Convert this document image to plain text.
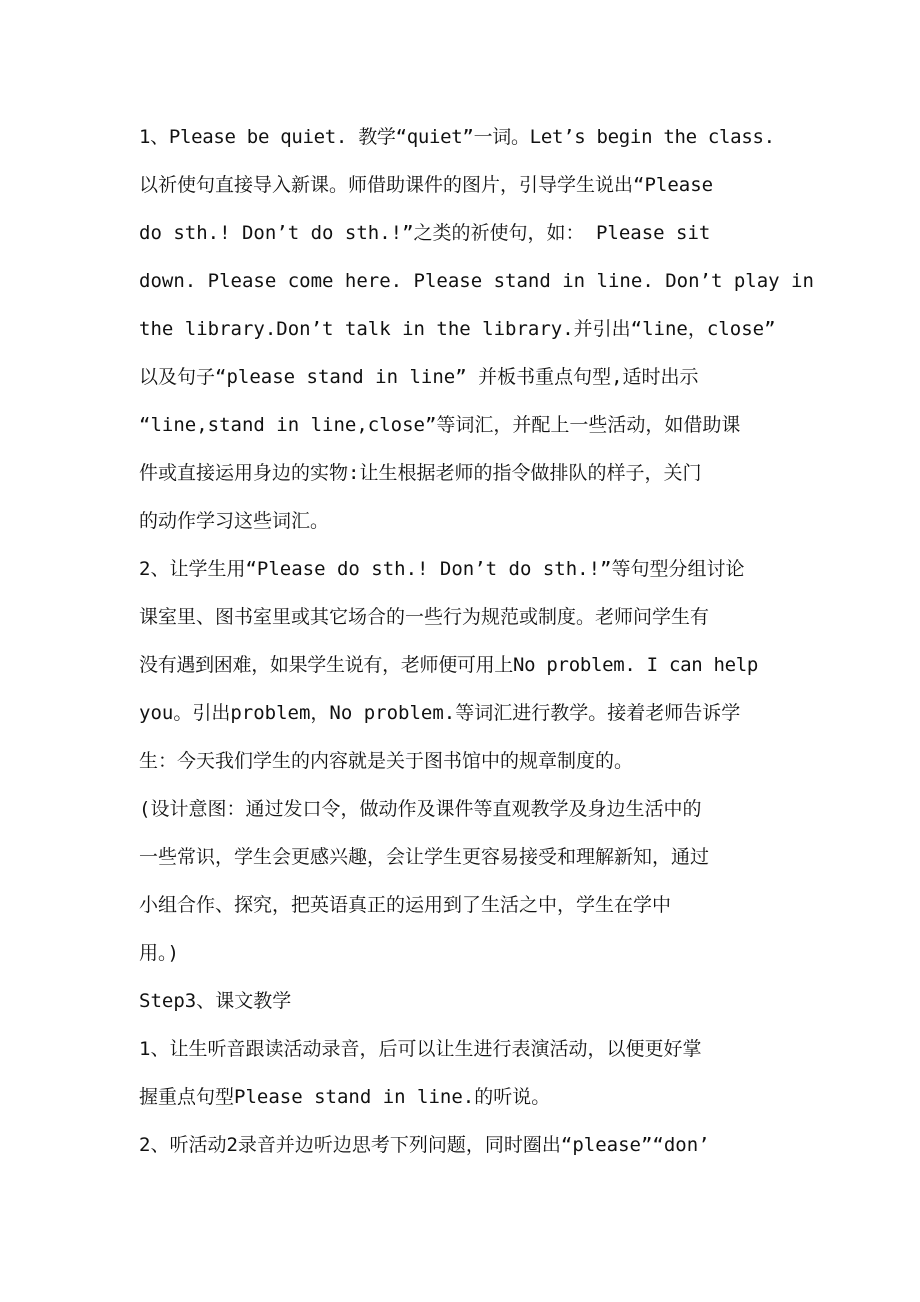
1、Please be quiet. 教学“quiet”一词。Let’s begin the class.
以祈使句直接导入新课。师借助课件的图片，引导学生说出“Please
do sth.! Don’t do sth.!”之类的祈使句，如： Please sit
down. Please come here. Please stand in line. Don’t play in
the library.Don’t talk in the library.并引出“line，close”
以及句子“please stand in line” 并板书重点句型,适时出示
“line,stand in line,close”等词汇，并配上一些活动，如借助课
件或直接运用身边的实物:让生根据老师的指令做排队的样子，关门
的动作学习这些词汇。
2、让学生用“Please do sth.! Don’t do sth.!”等句型分组讨论
课室里、图书室里或其它场合的一些行为规范或制度。老师问学生有
没有遇到困难，如果学生说有，老师便可用上No problem. I can help
you。引出problem，No problem.等词汇进行教学。接着老师告诉学
生：今天我们学生的内容就是关于图书馆中的规章制度的。
(设计意图：通过发口令，做动作及课件等直观教学及身边生活中的
一些常识，学生会更感兴趣，会让学生更容易接受和理解新知，通过
小组合作、探究，把英语真正的运用到了生活之中，学生在学中
用。)
Step3、课文教学
1、让生听音跟读活动录音，后可以让生进行表演活动，以便更好掌
握重点句型Please stand in line.的听说。
2、听活动2录音并边听边思考下列问题，同时圈出“please”“don’
